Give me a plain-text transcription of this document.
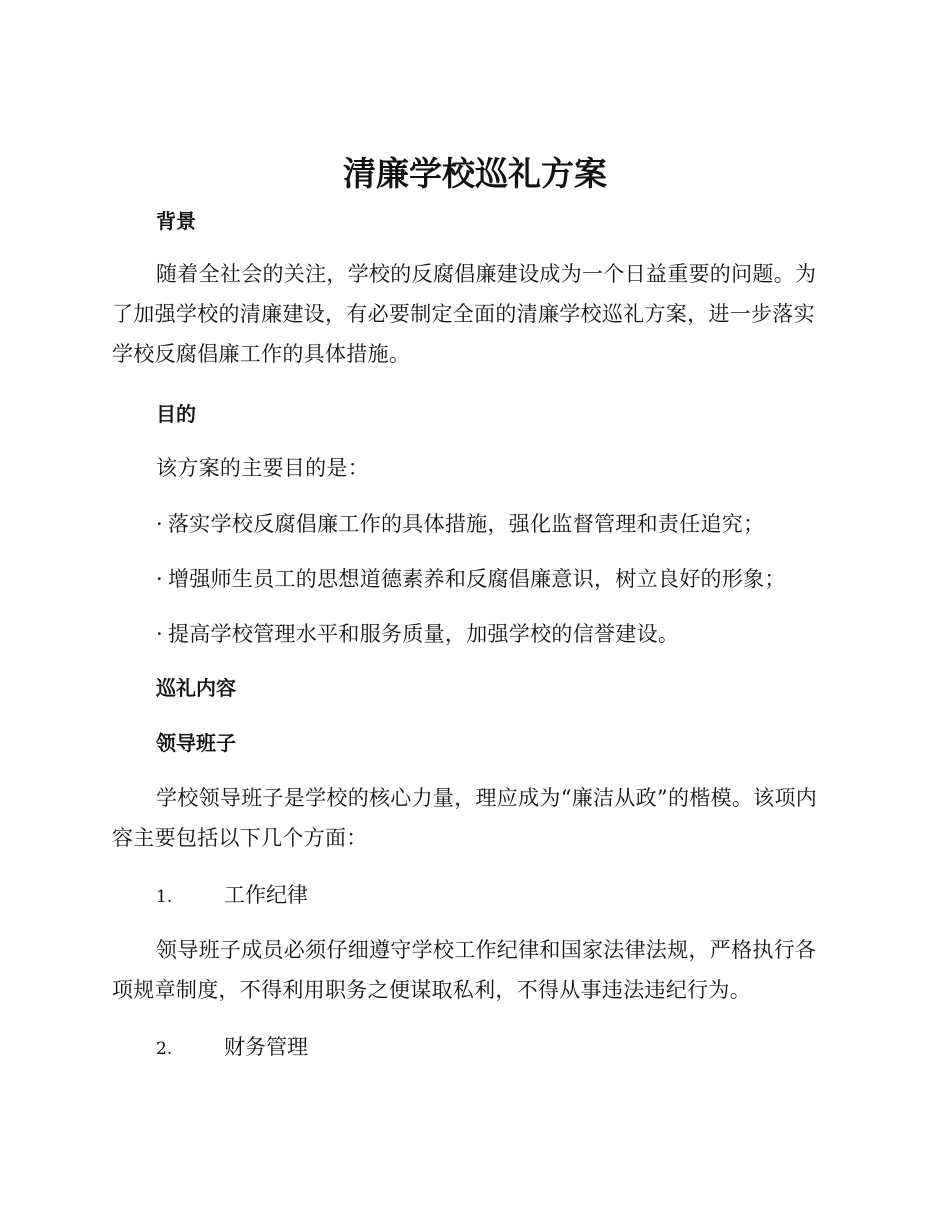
清廉学校巡礼方案
背景
随着全社会的关注，学校的反腐倡廉建设成为一个日益重要的问题。为了加强学校的清廉建设，有必要制定全面的清廉学校巡礼方案，进一步落实学校反腐倡廉工作的具体措施。
目的
该方案的主要目的是：
· 落实学校反腐倡廉工作的具体措施，强化监督管理和责任追究；
· 增强师生员工的思想道德素养和反腐倡廉意识，树立良好的形象；
· 提高学校管理水平和服务质量，加强学校的信誉建设。
巡礼内容
领导班子
学校领导班子是学校的核心力量，理应成为“廉洁从政”的楷模。该项内容主要包括以下几个方面：
1. 工作纪律
领导班子成员必须仔细遵守学校工作纪律和国家法律法规，严格执行各项规章制度，不得利用职务之便谋取私利，不得从事违法违纪行为。
2. 财务管理
